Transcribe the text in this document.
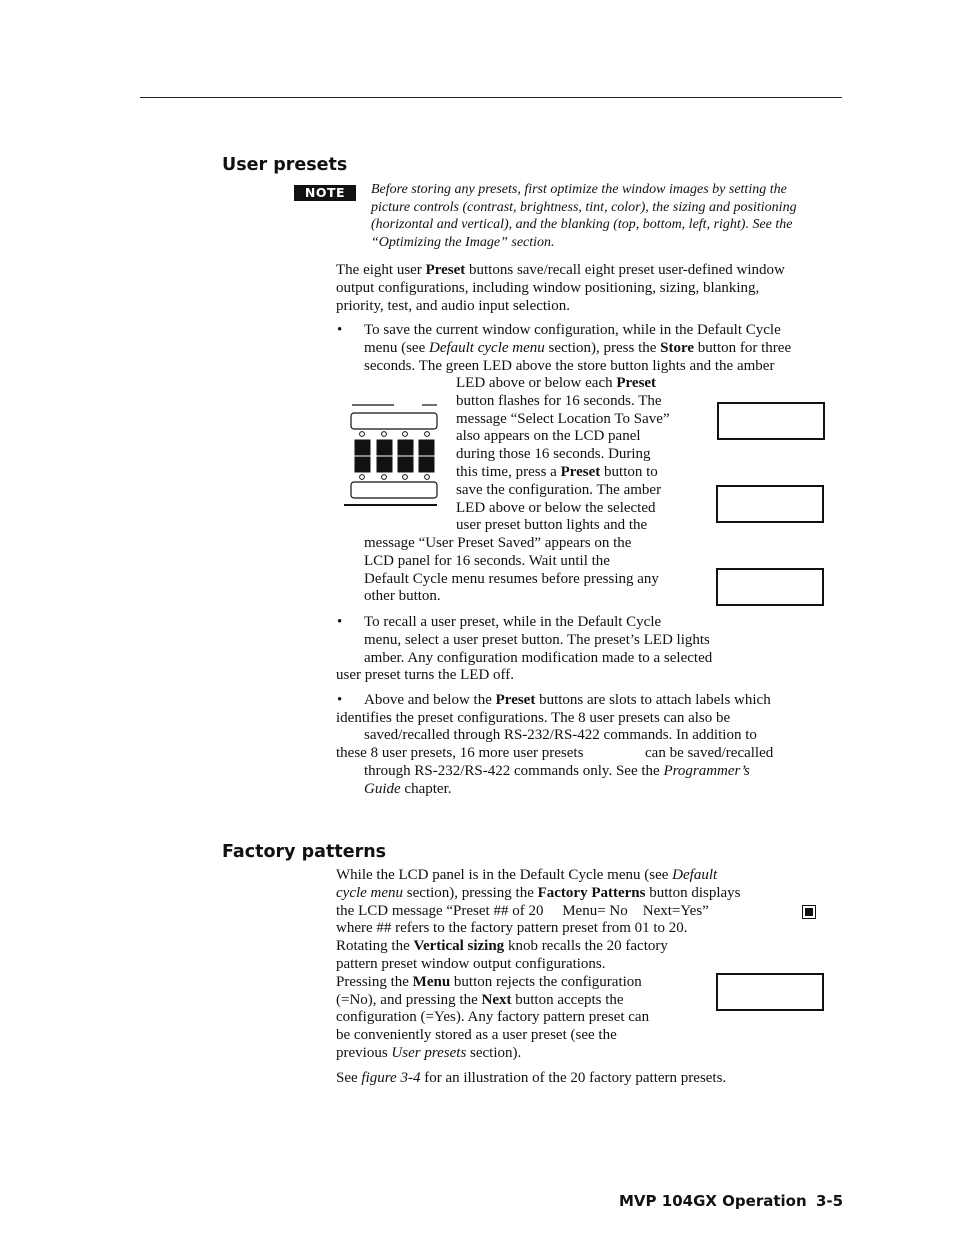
User presets
NOTE	Before storing any presets, first optimize the window images by setting the
picture controls (contrast, brightness, tint, color), the sizing and positioning
(horizontal and vertical), and the blanking (top, bottom, left, right). See the
“Optimizing the Image” section.
The eight user Preset buttons save/recall eight preset user-defined window
output configurations, including window positioning, sizing, blanking,
priority, test, and audio input selection.
• To save the current window configuration, while in the Default Cycle
menu (see Default cycle menu section), press the Store button for three
seconds. The green LED above the store button lights and the amber
LED above or below each Preset
button flashes for 16 seconds. The
message “Select Location To Save”
also appears on the LCD panel
during those 16 seconds. During
this time, press a Preset button to
save the configuration. The amber
LED above or below the selected
user preset button lights and the
message “User Preset Saved” appears on the
LCD panel for 16 seconds. Wait until the
Default Cycle menu resumes before pressing any
other button.
• To recall a user preset, while in the Default Cycle
menu, select a user preset button. The preset’s LED lights
amber. Any configuration modification made to a selected
user preset turns the LED off.
• Above and below the Preset buttons are slots to attach labels which
identifies the preset configurations. The 8 user presets can also be
saved/recalled through RS-232/RS-422 commands. In addition to
these 8 user presets, 16 more user presets	can be saved/recalled
through RS-232/RS-422 commands only. See the Programmer’s
Guide chapter.
Factory patterns
While the LCD panel is in the Default Cycle menu (see Default
cycle menu section), pressing the Factory Patterns button displays
the LCD message “Preset ## of 20     Menu= No    Next=Yes”
where ## refers to the factory pattern preset from 01 to 20.
Rotating the Vertical sizing knob recalls the 20 factory
pattern preset window output configurations.
Pressing the Menu button rejects the configuration
(=No), and pressing the Next button accepts the
configuration (=Yes). Any factory pattern preset can
be conveniently stored as a user preset (see the
previous User presets section).
See figure 3-4 for an illustration of the 20 factory pattern presets.
MVP 104GX Operation 3-5
